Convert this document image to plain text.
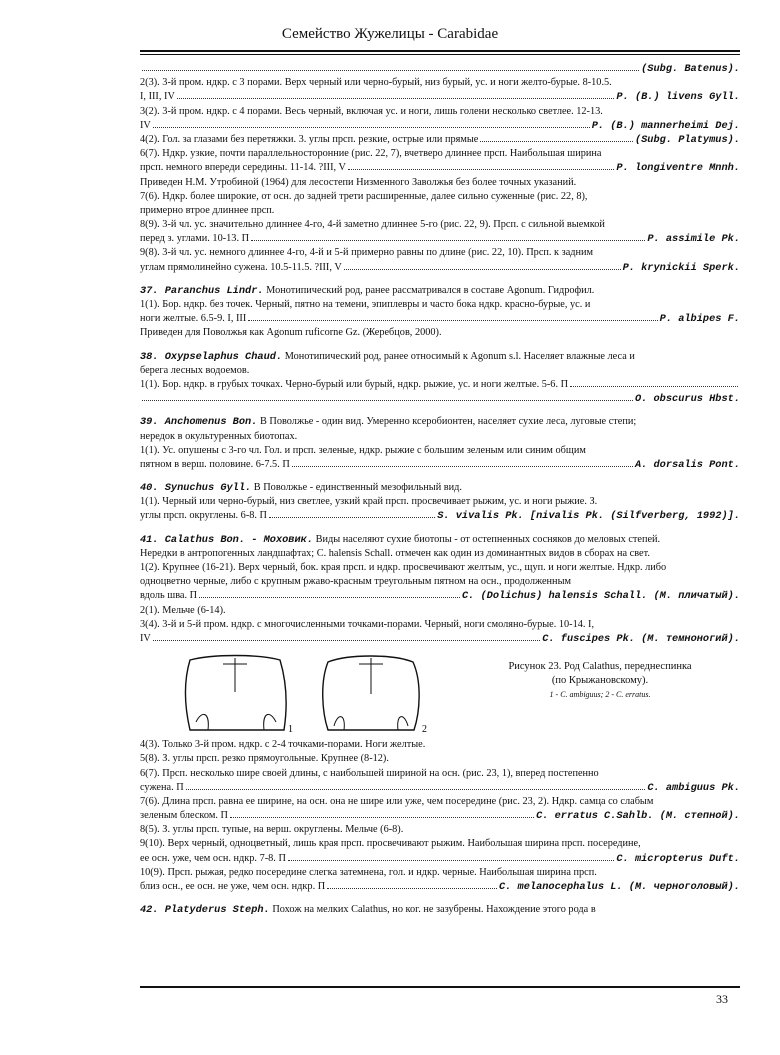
Семейство Жужелицы - Carabidae
(Subg. Batenus).
2(3). 3-й пром. ндкр. с 3 порами. Верх черный или черно-бурый, низ бурый, ус. и ноги желто-бурые. 8-10.5.
I, III, IV	P. (B.) livens Gyll.
3(2). 3-й пром. ндкр. с 4 порами. Весь черный, включая ус. и ноги, лишь голени несколько светлее. 12-13.
IV	P. (B.) mannerheimi Dej.
4(2). Гол. за глазами без перетяжки. 3. углы прсп. резкие, острые или прямые	(Subg. Platymus).
6(7). Ндкр. узкие, почти параллельносторонние (рис. 22, 7), вчетверо длиннее прсп. Наибольшая ширина
прсп. немного впереди середины. 11-14. ?III, V	P. longiventre Mnnh.
Приведен Н.М. Утробиной (1964) для лесостепи Низменного Заволжья без более точных указаний.
7(6). Ндкр. более широкие, от осн. до задней трети расширенные, далее сильно суженные (рис. 22, 8),
примерно втрое длиннее прсп.
8(9). 3-й чл. ус. значительно длиннее 4-го, 4-й заметно длиннее 5-го (рис. 22, 9). Прсп. с сильной выемкой
перед з. углами. 10-13. П	P. assimile Pk.
9(8). 3-й чл. ус. немного длиннее 4-го, 4-й и 5-й примерно равны по длине (рис. 22, 10). Прсп. к задним
углам прямолинейно сужена. 10.5-11.5. ?III, V	P. krynickii Sperk.
37. Paranchus Lindr. Монотипический род, ранее рассматривался в составе Agonum. Гидрофил.
1(1). Бор. ндкр. без точек. Черный, пятно на темени, эпиплевры и часто бока ндкр. красно-бурые, ус. и
ноги желтые. 6.5-9. I, III	P. albipes F.
Приведен для Поволжья как Agonum ruficorne Gz. (Жеребцов, 2000).
38. Oxypselaphus Chaud. Монотипический род, ранее относимый к Agonum s.l. Населяет влажные леса и
берега лесных водоемов.
1(1). Бор. ндкр. в грубых точках. Черно-бурый или бурый, ндкр. рыжие, ус. и ноги желтые. 5-6. П
O. obscurus Hbst.
39. Anchomenus Bon. В Поволжье - один вид. Умеренно ксеробионтен, населяет сухие леса, луговые степи;
нередок в окультуренных биотопах.
1(1). Ус. опушены с 3-го чл. Гол. и прсп. зеленые, ндкр. рыжие с большим зеленым или синим общим
пятном в верш. половине. 6-7.5. П	A. dorsalis Pont.
40. Synuchus Gyll. В Поволжье - единственный мезофильный вид.
1(1). Черный или черно-бурый, низ светлее, узкий край прсп. просвечивает рыжим, ус. и ноги рыжие. З.
углы прсп. округлены. 6-8. П	S. vivalis Pk. [nivalis Pk. (Silfverberg, 1992)].
41. Calathus Bon. - Моховик. Виды населяют сухие биотопы - от остепненных сосняков до меловых степей.
Нередки в антропогенных ландшафтах; C. halensis Schall. отмечен как один из доминантных видов в сборах на свет.
1(2). Крупнее (16-21). Верх черный, бок. края прсп. и ндкр. просвечивают желтым, ус., щуп. и ноги желтые. Ндкр. либо
одноцветно черные, либо с крупным ржаво-красным треугольным пятном на осн., продолженным
вдоль шва. П	C. (Dolichus) halensis Schall. (M. пличатый).
2(1). Мельче (6-14).
3(4). 3-й и 5-й пром. ндкр. с многочисленными точками-порами. Черный, ноги смоляно-бурые. 10-14. I,
IV	C. fuscipes Pk. (M. темноногий).
1	2
Рисунок 23. Род Calathus, переднеспинка
(по Крыжановскому).
1 - C. ambiguus; 2 - C. erratus.
4(3). Только 3-й пром. ндкр. с 2-4 точками-порами. Ноги желтые.
5(8). З. углы прсп. резко прямоугольные. Крупнее (8-12).
6(7). Прсп. несколько шире своей длины, с наибольшей шириной на осн. (рис. 23, 1), вперед постепенно
сужена. П	C. ambiguus Pk.
7(6). Длина прсп. равна ее ширине, на осн. она не шире или уже, чем посередине (рис. 23, 2). Ндкр. самца со слабым
зеленым блеском. П	C. erratus C.Sahlb. (M. степной).
8(5). З. углы прсп. тупые, на верш. округлены. Мельче (6-8).
9(10). Верх черный, одноцветный, лишь края прсп. просвечивают рыжим. Наибольшая ширина прсп. посередине,
ее осн. уже, чем осн. ндкр. 7-8. П	C. micropterus Duft.
10(9). Прсп. рыжая, редко посередине слегка затемнена, гол. и ндкр. черные. Наибольшая ширина прсп.
близ осн., ее осн. не уже, чем осн. ндкр. П	C. melanocephalus L. (M. черноголовый).
42. Platyderus Steph. Похож на мелких Calathus, но ког. не зазубрены. Нахождение этого рода в
33
